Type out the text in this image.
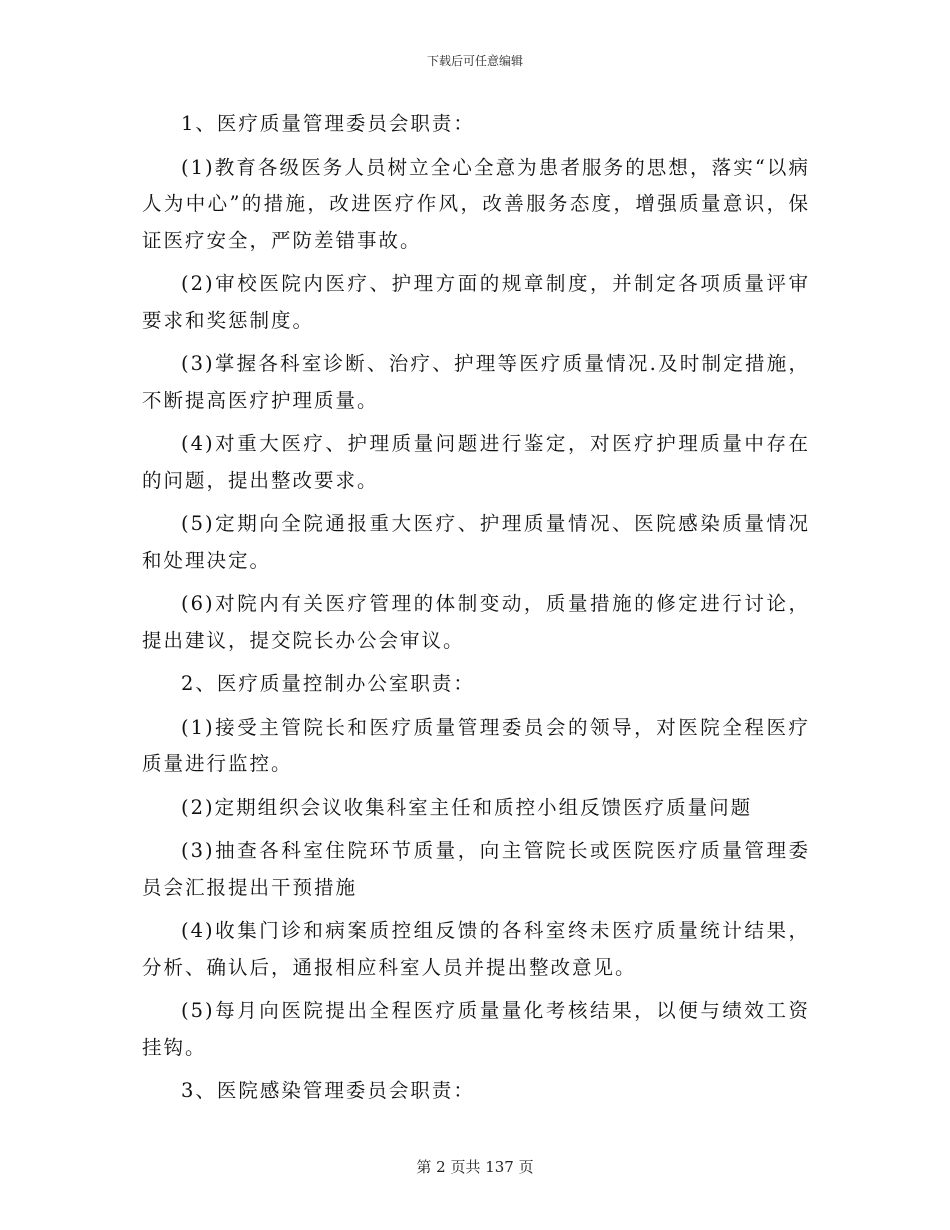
下载后可任意编辑

1、医疗质量管理委员会职责：

(1)教育各级医务人员树立全心全意为患者服务的思想，落实“以病人为中心”的措施，改进医疗作风，改善服务态度，增强质量意识，保证医疗安全，严防差错事故。

(2)审校医院内医疗、护理方面的规章制度，并制定各项质量评审要求和奖惩制度。

(3)掌握各科室诊断、治疗、护理等医疗质量情况.及时制定措施，不断提高医疗护理质量。

(4)对重大医疗、护理质量问题进行鉴定，对医疗护理质量中存在的问题，提出整改要求。

(5)定期向全院通报重大医疗、护理质量情况、医院感染质量情况和处理决定。

(6)对院内有关医疗管理的体制变动，质量措施的修定进行讨论，提出建议，提交院长办公会审议。

2、医疗质量控制办公室职责：

(1)接受主管院长和医疗质量管理委员会的领导，对医院全程医疗质量进行监控。

(2)定期组织会议收集科室主任和质控小组反馈医疗质量问题

(3)抽查各科室住院环节质量，向主管院长或医院医疗质量管理委员会汇报提出干预措施

(4)收集门诊和病案质控组反馈的各科室终未医疗质量统计结果，分析、确认后，通报相应科室人员并提出整改意见。

(5)每月向医院提出全程医疗质量量化考核结果，以便与绩效工资挂钩。

3、医院感染管理委员会职责：

第 2 页共 137 页
